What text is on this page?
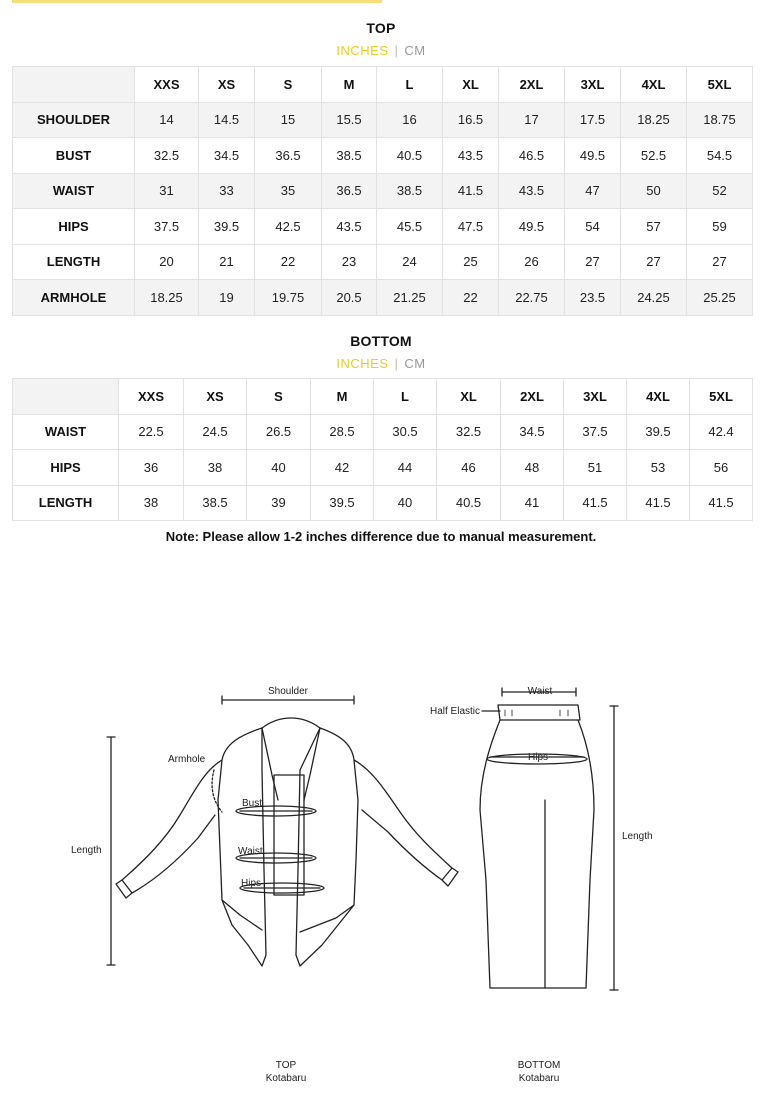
TOP
INCHES | CM
	XXS	XS	S	M	L	XL	2XL	3XL	4XL	5XL
SHOULDER	14	14.5	15	15.5	16	16.5	17	17.5	18.25	18.75
BUST	32.5	34.5	36.5	38.5	40.5	43.5	46.5	49.5	52.5	54.5
WAIST	31	33	35	36.5	38.5	41.5	43.5	47	50	52
HIPS	37.5	39.5	42.5	43.5	45.5	47.5	49.5	54	57	59
LENGTH	20	21	22	23	24	25	26	27	27	27
ARMHOLE	18.25	19	19.75	20.5	21.25	22	22.75	23.5	24.25	25.25
BOTTOM
INCHES | CM
	XXS	XS	S	M	L	XL	2XL	3XL	4XL	5XL
WAIST	22.5	24.5	26.5	28.5	30.5	32.5	34.5	37.5	39.5	42.4
HIPS	36	38	40	42	44	46	48	51	53	56
LENGTH	38	38.5	39	39.5	40	40.5	41	41.5	41.5	41.5
Note: Please allow 1-2 inches difference due to manual measurement.
Shoulder
Armhole
Length
Bust
Waist
Hips
Waist
Half Elastic
Hips
Length
TOP
Kotabaru
BOTTOM
Kotabaru
